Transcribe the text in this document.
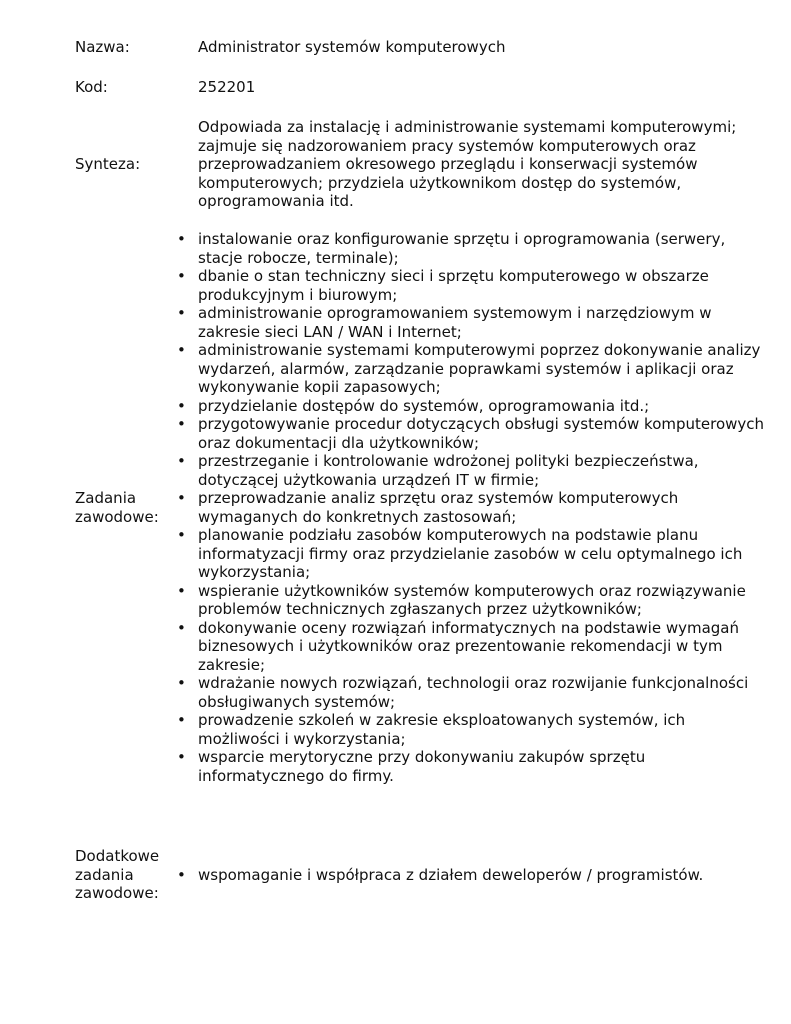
Nazwa:	Administrator systemów komputerowych
Kod:	252201
Synteza:
Odpowiada za instalację i administrowanie systemami komputerowymi; zajmuje się nadzorowaniem pracy systemów komputerowych oraz przeprowadzaniem okresowego przeglądu i konserwacji systemów komputerowych; przydziela użytkownikom dostęp do systemów, oprogramowania itd.
Zadania zawodowe:
• instalowanie oraz konfigurowanie sprzętu i oprogramowania (serwery, stacje robocze, terminale);
• dbanie o stan techniczny sieci i sprzętu komputerowego w obszarze produkcyjnym i biurowym;
• administrowanie oprogramowaniem systemowym i narzędziowym w zakresie sieci LAN / WAN i Internet;
• administrowanie systemami komputerowymi poprzez dokonywanie analizy wydarzeń, alarmów, zarządzanie poprawkami systemów i aplikacji oraz wykonywanie kopii zapasowych;
• przydzielanie dostępów do systemów, oprogramowania itd.;
• przygotowywanie procedur dotyczących obsługi systemów komputerowych oraz dokumentacji dla użytkowników;
• przestrzeganie i kontrolowanie wdrożonej polityki bezpieczeństwa, dotyczącej użytkowania urządzeń IT w firmie;
• przeprowadzanie analiz sprzętu oraz systemów komputerowych wymaganych do konkretnych zastosowań;
• planowanie podziału zasobów komputerowych na podstawie planu informatyzacji firmy oraz przydzielanie zasobów w celu optymalnego ich wykorzystania;
• wspieranie użytkowników systemów komputerowych oraz rozwiązywanie problemów technicznych zgłaszanych przez użytkowników;
• dokonywanie oceny rozwiązań informatycznych na podstawie wymagań biznesowych i użytkowników oraz prezentowanie rekomendacji w tym zakresie;
• wdrażanie nowych rozwiązań, technologii oraz rozwijanie funkcjonalności obsługiwanych systemów;
• prowadzenie szkoleń w zakresie eksploatowanych systemów, ich możliwości i wykorzystania;
• wsparcie merytoryczne przy dokonywaniu zakupów sprzętu informatycznego do firmy.
Dodatkowe zadania zawodowe:
• wspomaganie i współpraca z działem deweloperów / programistów.
